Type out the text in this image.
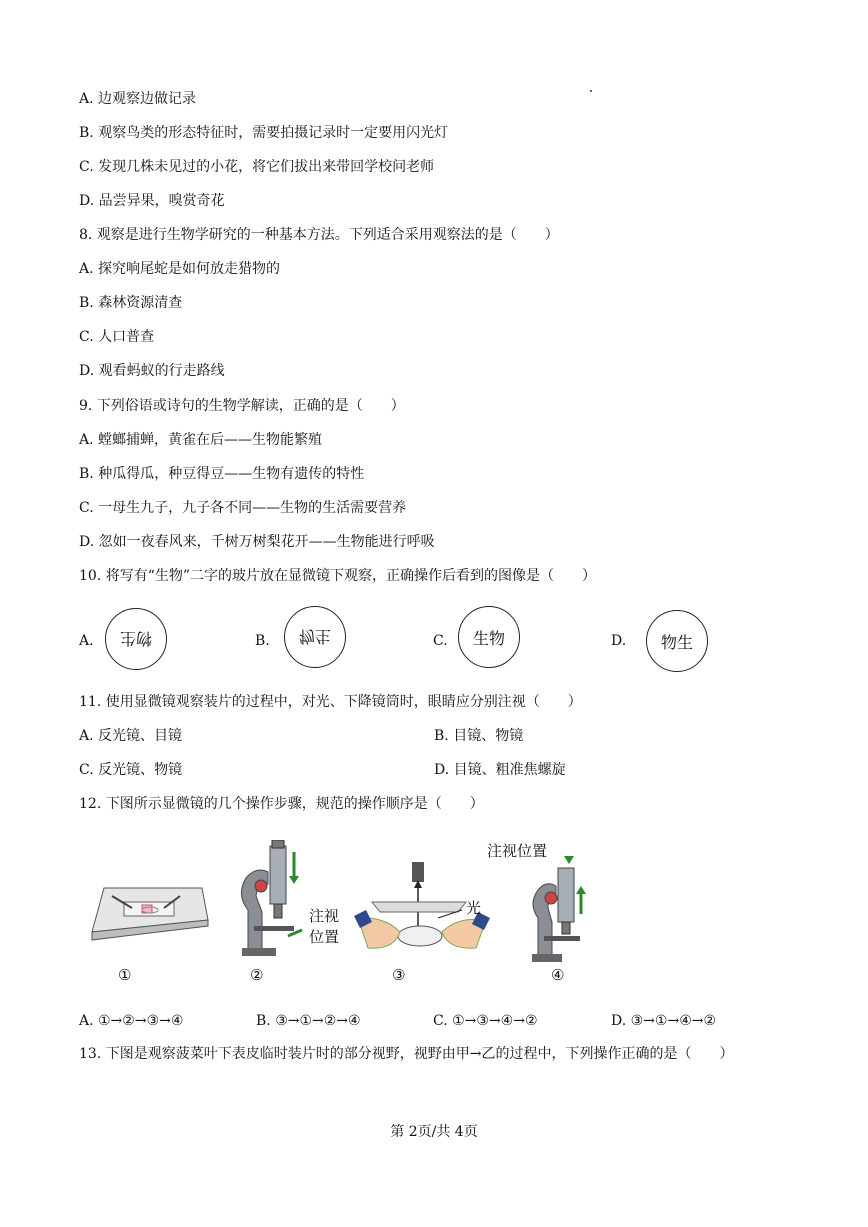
A. 边观察边做记录
B. 观察鸟类的形态特征时，需要拍摄记录时一定要用闪光灯
C. 发现几株未见过的小花，将它们拔出来带回学校问老师
D. 品尝异果，嗅赏奇花
8. 观察是进行生物学研究的一种基本方法。下列适合采用观察法的是（　　）
A. 探究响尾蛇是如何放走猎物的
B. 森林资源清查
C. 人口普查
D. 观看蚂蚁的行走路线
9. 下列俗语或诗句的生物学解读，正确的是（　　）
A. 螳螂捕蝉，黄雀在后——生物能繁殖
B. 种瓜得瓜，种豆得豆——生物有遗传的特性
C. 一母生九子，九子各不同——生物的生活需要营养
D. 忽如一夜春风来，千树万树梨花开——生物能进行呼吸
10. 将写有“生物”二字的玻片放在显微镜下观察，正确操作后看到的图像是（　　）
A. 物生	B. 物生	C. 生物	D. 物生
11. 使用显微镜观察装片的过程中，对光、下降镜筒时，眼睛应分别注视（　　）
A. 反光镜、目镜	B. 目镜、物镜
C. 反光镜、物镜	D. 目镜、粗准焦螺旋
12. 下图所示显微镜的几个操作步骤，规范的操作顺序是（　　）
①
注视
位置
②
光
③
注视位置
④
A. ①→②→③→④	B. ③→①→②→④	C. ①→③→④→②	D. ③→①→④→②
13. 下图是观察菠菜叶下表皮临时装片时的部分视野，视野由甲→乙的过程中，下列操作正确的是（　　）
第 2页/共 4页
